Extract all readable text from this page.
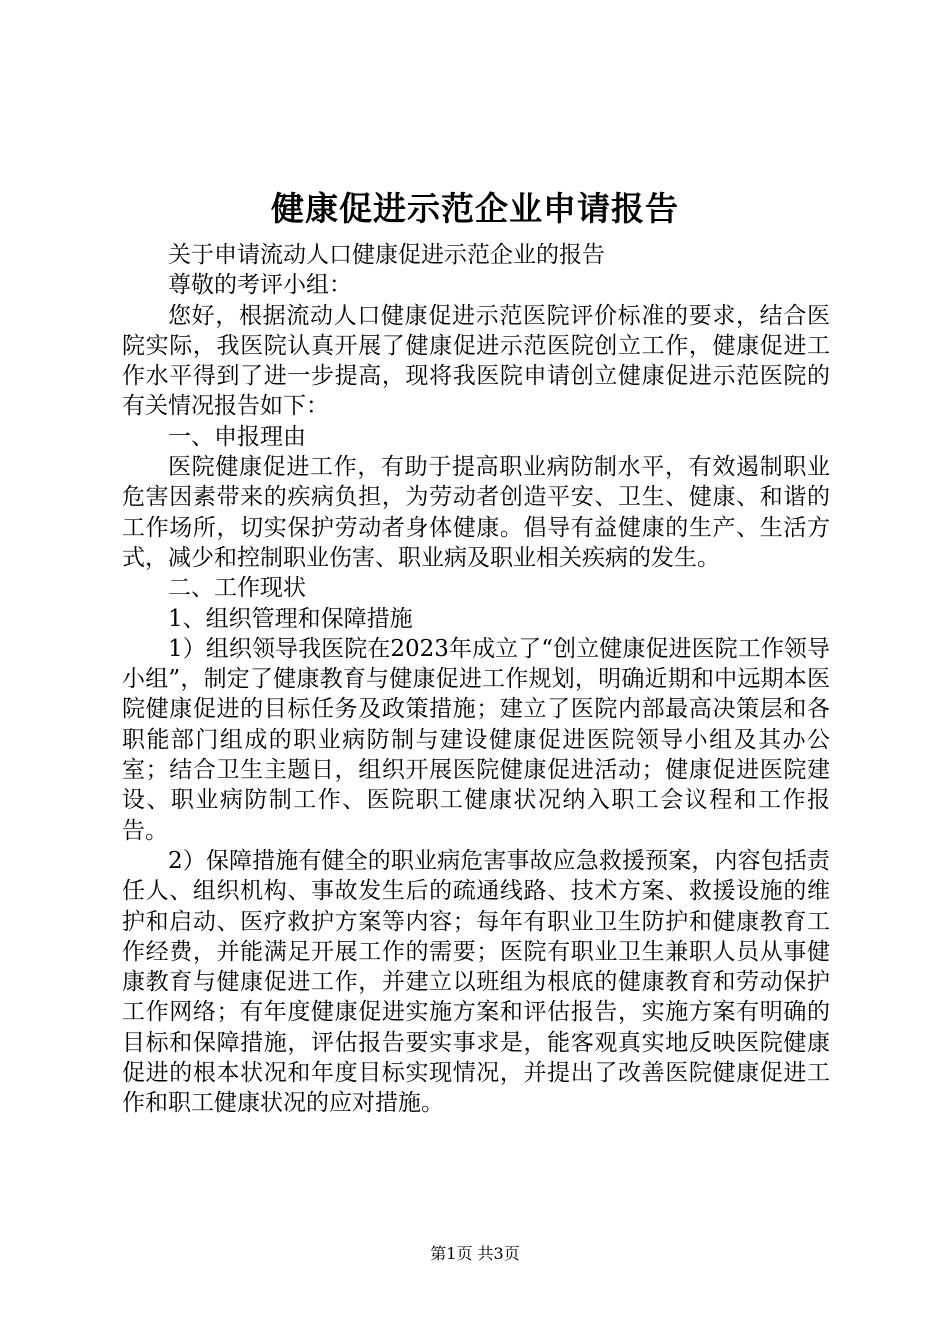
健康促进示范企业申请报告

关于申请流动人口健康促进示范企业的报告

尊敬的考评小组：

您好，根据流动人口健康促进示范医院评价标准的要求，结合医院实际，我医院认真开展了健康促进示范医院创立工作，健康促进工作水平得到了进一步提高，现将我医院申请创立健康促进示范医院的有关情况报告如下：

一、申报理由

医院健康促进工作，有助于提高职业病防制水平，有效遏制职业危害因素带来的疾病负担，为劳动者创造平安、卫生、健康、和谐的工作场所，切实保护劳动者身体健康。倡导有益健康的生产、生活方式，减少和控制职业伤害、职业病及职业相关疾病的发生。

二、工作现状

1、组织管理和保障措施

1）组织领导我医院在2023年成立了“创立健康促进医院工作领导小组”，制定了健康教育与健康促进工作规划，明确近期和中远期本医院健康促进的目标任务及政策措施；建立了医院内部最高决策层和各职能部门组成的职业病防制与建设健康促进医院领导小组及其办公室；结合卫生主题日，组织开展医院健康促进活动；健康促进医院建设、职业病防制工作、医院职工健康状况纳入职工会议程和工作报告。

2）保障措施有健全的职业病危害事故应急救援预案，内容包括责任人、组织机构、事故发生后的疏通线路、技术方案、救援设施的维护和启动、医疗救护方案等内容；每年有职业卫生防护和健康教育工作经费，并能满足开展工作的需要；医院有职业卫生兼职人员从事健康教育与健康促进工作，并建立以班组为根底的健康教育和劳动保护工作网络；有年度健康促进实施方案和评估报告，实施方案有明确的目标和保障措施，评估报告要实事求是，能客观真实地反映医院健康促进的根本状况和年度目标实现情况，并提出了改善医院健康促进工作和职工健康状况的应对措施。

第1页 共3页
